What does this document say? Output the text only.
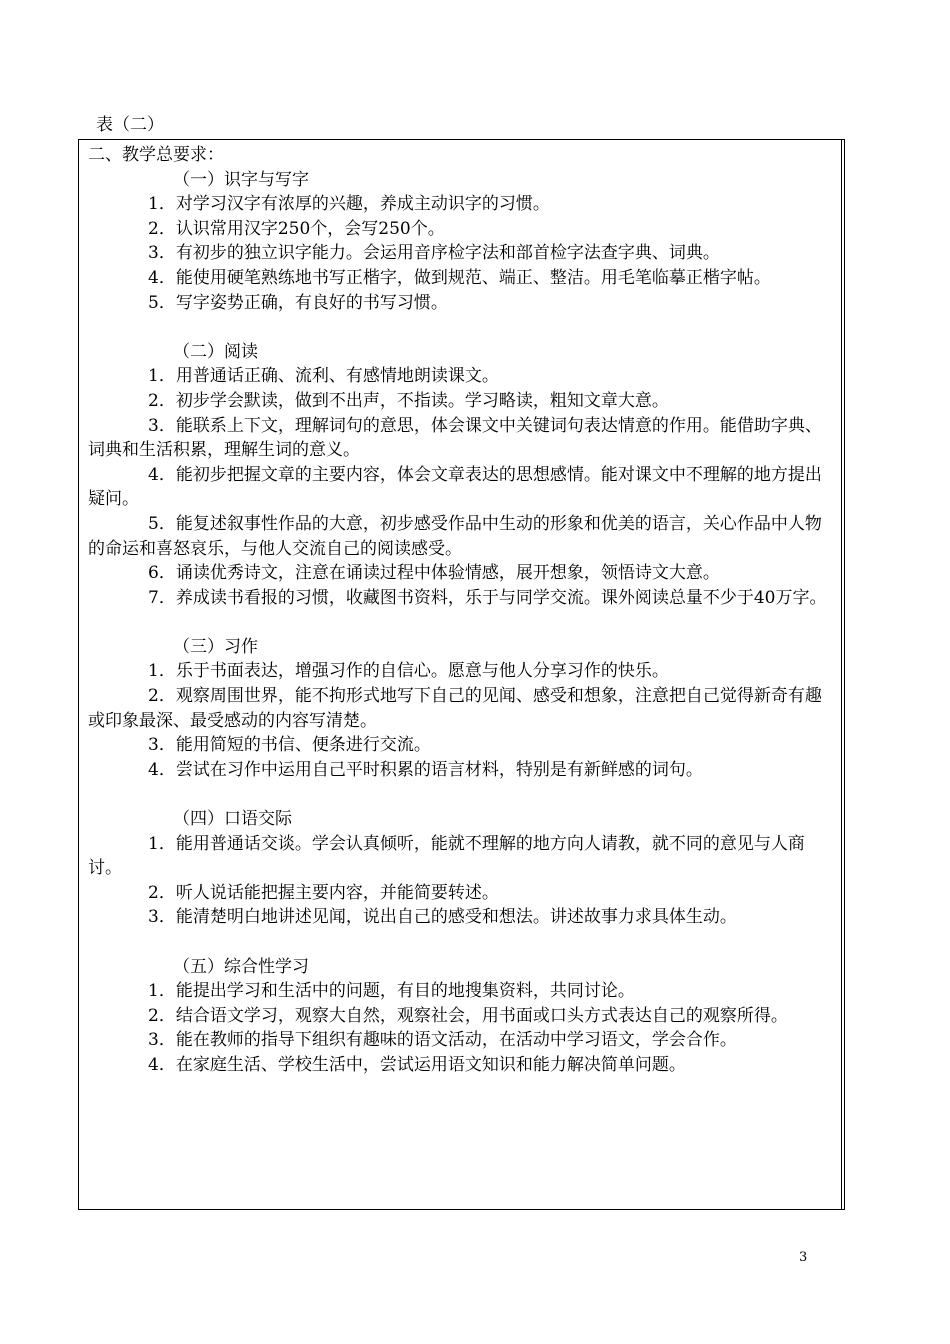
表（二）

二、教学总要求：

（一）识字与写字

1．对学习汉字有浓厚的兴趣，养成主动识字的习惯。

2．认识常用汉字250个，会写250个。

3．有初步的独立识字能力。会运用音序检字法和部首检字法查字典、词典。

4．能使用硬笔熟练地书写正楷字，做到规范、端正、整洁。用毛笔临摹正楷字帖。

5．写字姿势正确，有良好的书写习惯。

（二）阅读

1．用普通话正确、流利、有感情地朗读课文。

2．初步学会默读，做到不出声，不指读。学习略读，粗知文章大意。

3．能联系上下文，理解词句的意思，体会课文中关键词句表达情意的作用。能借助字典、词典和生活积累，理解生词的意义。

4．能初步把握文章的主要内容，体会文章表达的思想感情。能对课文中不理解的地方提出疑问。

5．能复述叙事性作品的大意，初步感受作品中生动的形象和优美的语言，关心作品中人物的命运和喜怒哀乐，与他人交流自己的阅读感受。

6．诵读优秀诗文，注意在诵读过程中体验情感，展开想象，领悟诗文大意。

7．养成读书看报的习惯，收藏图书资料，乐于与同学交流。课外阅读总量不少于40万字。

（三）习作

1．乐于书面表达，增强习作的自信心。愿意与他人分享习作的快乐。

2．观察周围世界，能不拘形式地写下自己的见闻、感受和想象，注意把自己觉得新奇有趣或印象最深、最受感动的内容写清楚。

3．能用简短的书信、便条进行交流。

4．尝试在习作中运用自己平时积累的语言材料，特别是有新鲜感的词句。

（四）口语交际

1．能用普通话交谈。学会认真倾听，能就不理解的地方向人请教，就不同的意见与人商讨。

2．听人说话能把握主要内容，并能简要转述。

3．能清楚明白地讲述见闻，说出自己的感受和想法。讲述故事力求具体生动。

（五）综合性学习

1．能提出学习和生活中的问题，有目的地搜集资料，共同讨论。

2．结合语文学习，观察大自然，观察社会，用书面或口头方式表达自己的观察所得。

3．能在教师的指导下组织有趣味的语文活动，在活动中学习语文，学会合作。

4．在家庭生活、学校生活中，尝试运用语文知识和能力解决简单问题。

3
